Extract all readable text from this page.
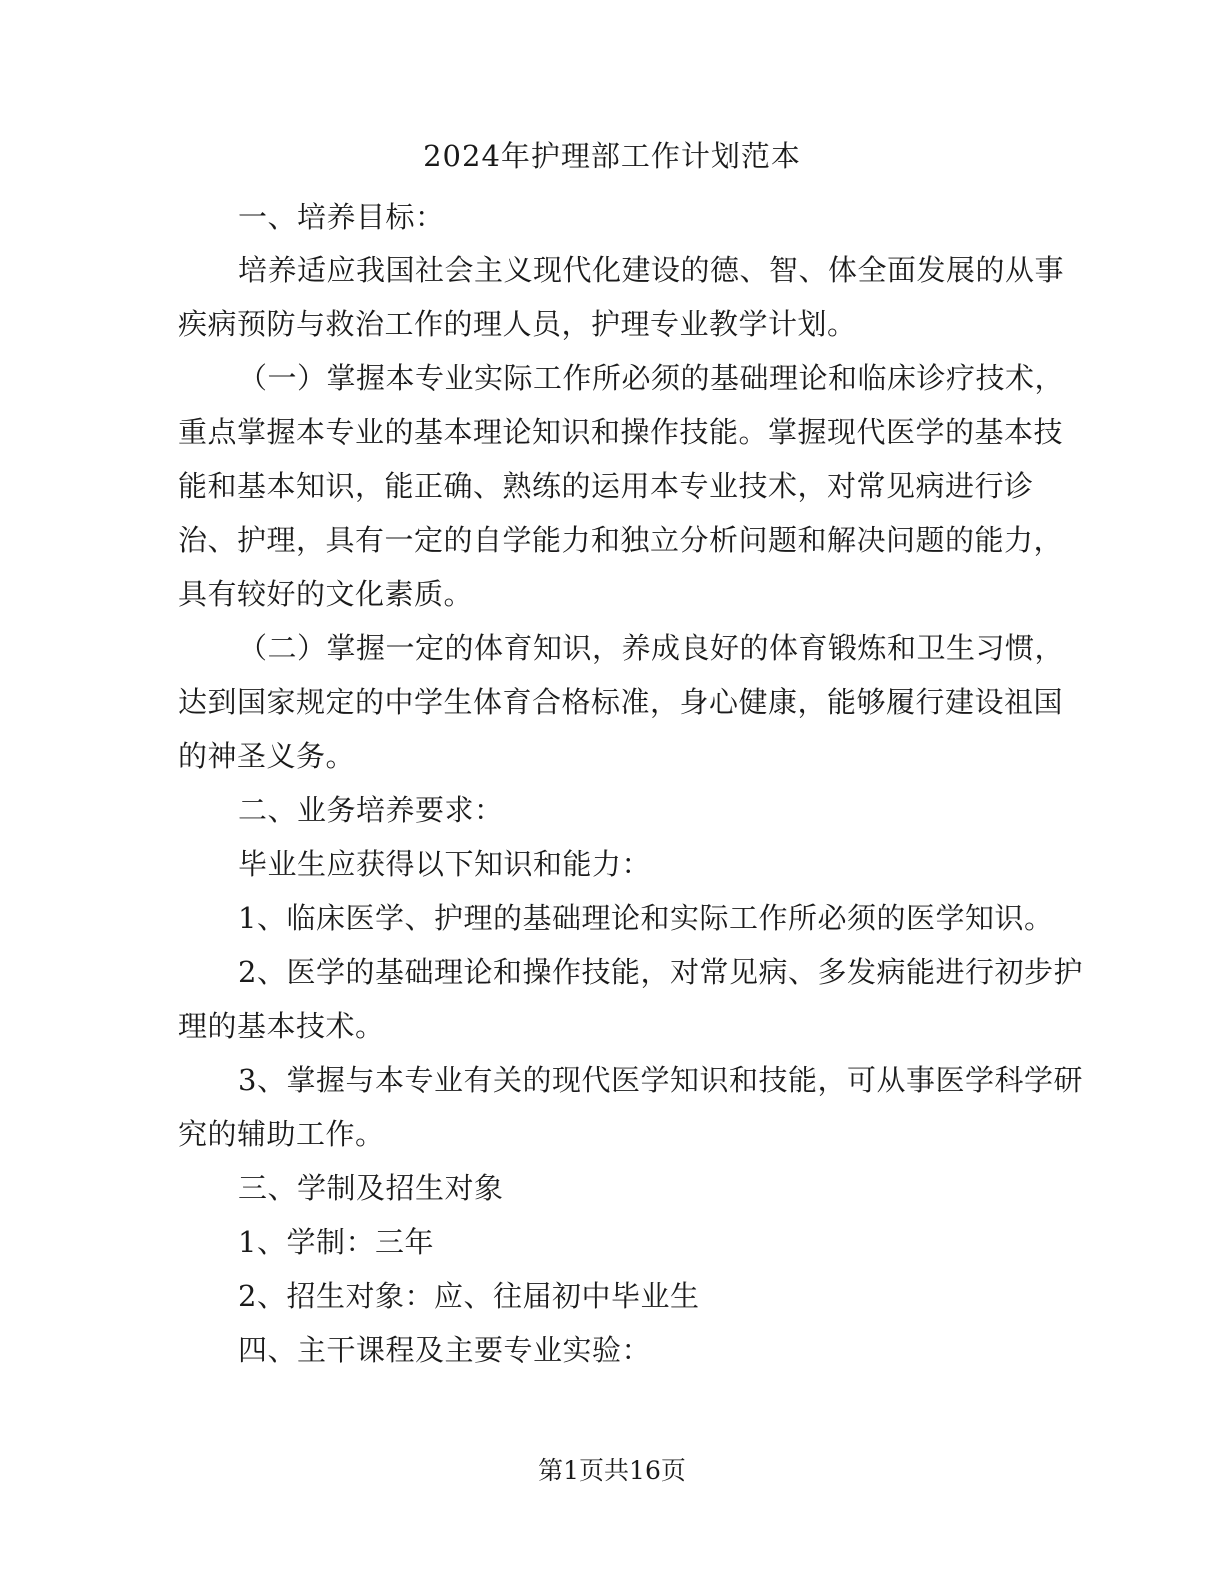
2024年护理部工作计划范本
一、培养目标：
培养适应我国社会主义现代化建设的德、智、体全面发展的从事
疾病预防与救治工作的理人员，护理专业教学计划。
（一）掌握本专业实际工作所必须的基础理论和临床诊疗技术，
重点掌握本专业的基本理论知识和操作技能。掌握现代医学的基本技
能和基本知识，能正确、熟练的运用本专业技术，对常见病进行诊
治、护理，具有一定的自学能力和独立分析问题和解决问题的能力，
具有较好的文化素质。
（二）掌握一定的体育知识，养成良好的体育锻炼和卫生习惯，
达到国家规定的中学生体育合格标准，身心健康，能够履行建设祖国
的神圣义务。
二、业务培养要求：
毕业生应获得以下知识和能力：
1、临床医学、护理的基础理论和实际工作所必须的医学知识。
2、医学的基础理论和操作技能，对常见病、多发病能进行初步护
理的基本技术。
3、掌握与本专业有关的现代医学知识和技能，可从事医学科学研
究的辅助工作。
三、学制及招生对象
1、学制：三年
2、招生对象：应、往届初中毕业生
四、主干课程及主要专业实验：
第1页共16页
